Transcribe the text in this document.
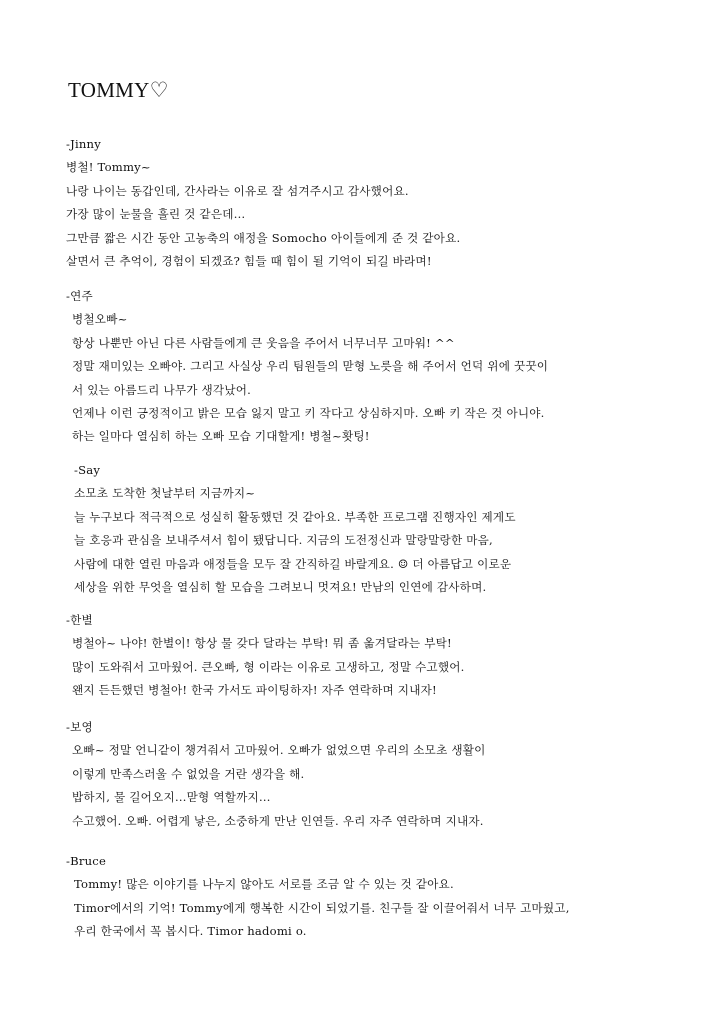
TOMMY♡
-Jinny
병철! Tommy~
나랑 나이는 동갑인데, 간사라는 이유로 잘 섬겨주시고 감사했어요.
가장 많이 눈물을 흘린 것 같은데…
그만큼 짧은 시간 동안 고농축의 애정을 Somocho 아이들에게 준 것 같아요.
살면서 큰 추억이, 경험이 되겠죠? 힘들 때 힘이 될 기억이 되길 바라며!
-연주
병철오빠~
항상 나뿐만 아닌 다른 사람들에게 큰 웃음을 주어서 너무너무 고마워! ^^
정말 재미있는 오빠야. 그리고 사실상 우리 팀원들의 맏형 노릇을 해 주어서 언덕 위에 꿋꿋이
서 있는 아름드리 나무가 생각났어.
언제나 이런 긍정적이고 밝은 모습 잃지 말고 키 작다고 상심하지마. 오빠 키 작은 것 아니야.
하는 일마다 열심히 하는 오빠 모습 기대할게! 병철~홧팅!
-Say
소모초 도착한 첫날부터 지금까지~
늘 누구보다 적극적으로 성실히 활동했던 것 같아요. 부족한 프로그램 진행자인 제게도
늘 호응과 관심을 보내주셔서 힘이 됐답니다. 지금의 도전정신과 말랑말랑한 마음,
사람에 대한 열린 마음과 애정들을 모두 잘 간직하길 바랄게요. ☺ 더 아름답고 이로운
세상을 위한 무엇을 열심히 할 모습을 그려보니 멋져요! 만남의 인연에 감사하며.
-한별
병철아~ 나야! 한별이! 항상 물 갖다 달라는 부탁! 뭐 좀 옮겨달라는 부탁!
많이 도와줘서 고마웠어. 큰오빠, 형 이라는 이유로 고생하고, 정말 수고했어.
왠지 든든했던 병철아! 한국 가서도 파이팅하자! 자주 연락하며 지내자!
-보영
오빠~ 정말 언니같이 챙겨줘서 고마웠어. 오빠가 없었으면 우리의 소모초 생활이
이렇게 만족스러울 수 없었을 거란 생각을 해.
밥하지, 물 길어오지…맏형 역할까지…
수고했어. 오빠. 어렵게 낳은, 소중하게 만난 인연들. 우리 자주 연락하며 지내자.
-Bruce
Tommy! 많은 이야기를 나누지 않아도 서로를 조금 알 수 있는 것 같아요.
Timor에서의 기억! Tommy에게 행복한 시간이 되었기를. 친구들 잘 이끌어줘서 너무 고마웠고,
우리 한국에서 꼭 봅시다. Timor hadomi o.
